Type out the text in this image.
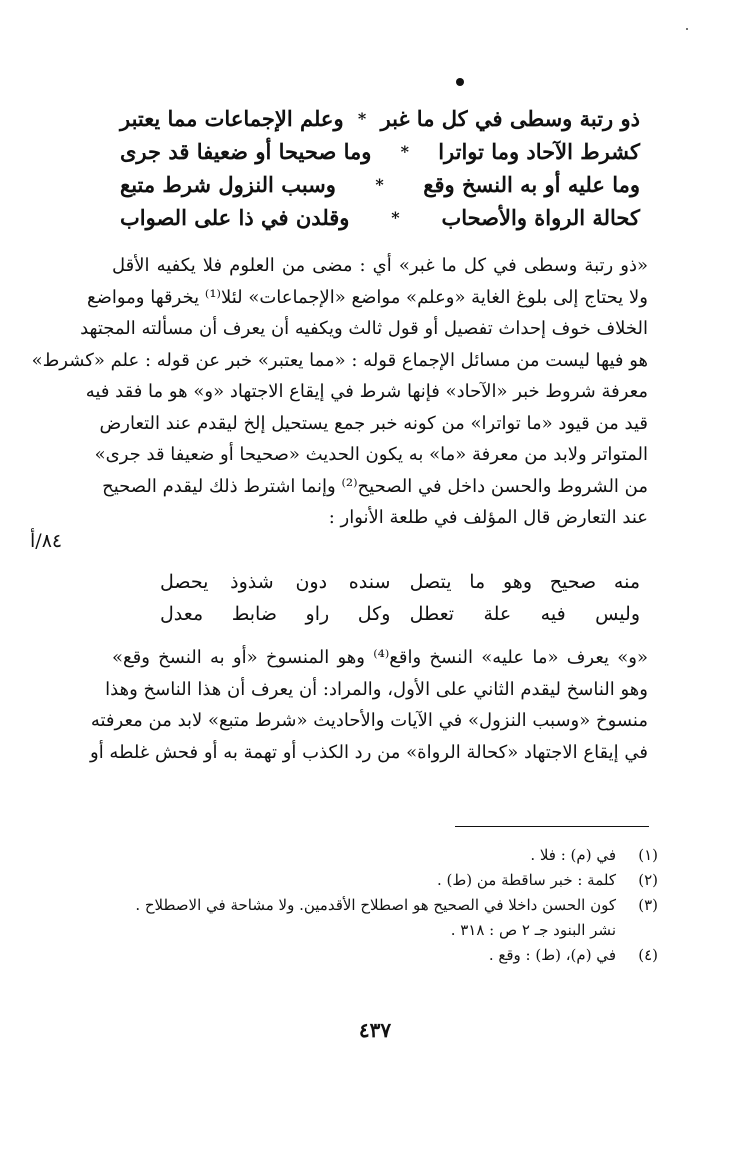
ذو رتبة وسطى في كل ما غبر
*
وعلم الإجماعات مما يعتبر
كشرط الآحاد وما تواترا
*
وما صحيحا أو ضعيفا قد جرى
وما عليه أو به النسخ وقع
*
وسبب النزول شرط متبع
كحالة الرواة والأصحاب
*
وقلدن في ذا على الصواب
«ذو رتبة وسطى في كل ما غبر» أي : مضى من العلوم فلا يكفيه الأقل
ولا يحتاج إلى بلوغ الغاية «وعلم» مواضع «الإجماعات» لئلا⁽¹⁾ يخرقها ومواضع
الخلاف خوف إحداث تفصيل أو قول ثالث ويكفيه أن يعرف أن مسألته المجتهد
هو فيها ليست من مسائل الإجماع قوله : «مما يعتبر» خبر عن قوله : علم «كشرط»
معرفة شروط خبر «الآحاد» فإنها شرط في إيقاع الاجتهاد «و» هو ما فقد فيه
قيد من قيود «ما تواترا» من كونه خبر جمع يستحيل إلخ ليقدم عند التعارض
المتواتر ولابد من معرفة «ما» به يكون الحديث «صحيحا أو ضعيفا قد جرى»
من الشروط والحسن داخل في الصحيح⁽²⁾ وإنما اشترط ذلك ليقدم الصحيح
عند التعارض قال المؤلف في طلعة الأنوار :
٨٤/أ
منه صحيح وهو ما يتصل
سنده دون شذوذ يحصل
وليس فيه علة تعطل
وكل راو ضابط معدل
«و» يعرف «ما عليه» النسخ واقع⁽⁴⁾ وهو المنسوخ «أو به النسخ وقع»
وهو الناسخ ليقدم الثاني على الأول، والمراد: أن يعرف أن هذا الناسخ وهذا
منسوخ «وسبب النزول» في الآيات والأحاديث «شرط متبع» لابد من معرفته
في إيقاع الاجتهاد «كحالة الرواة» من رد الكذب أو تهمة به أو فحش غلطه أو
(١)
في (م) : فلا .
(٢)
كلمة : خبر ساقطة من (ط) .
(٣)
كون الحسن داخلا في الصحيح هو اصطلاح الأقدمين. ولا مشاحة في الاصطلاح .
نشر البنود جـ ٢ ص : ٣١٨ .
(٤)
في (م)، (ط) : وقع .
٤٣٧
